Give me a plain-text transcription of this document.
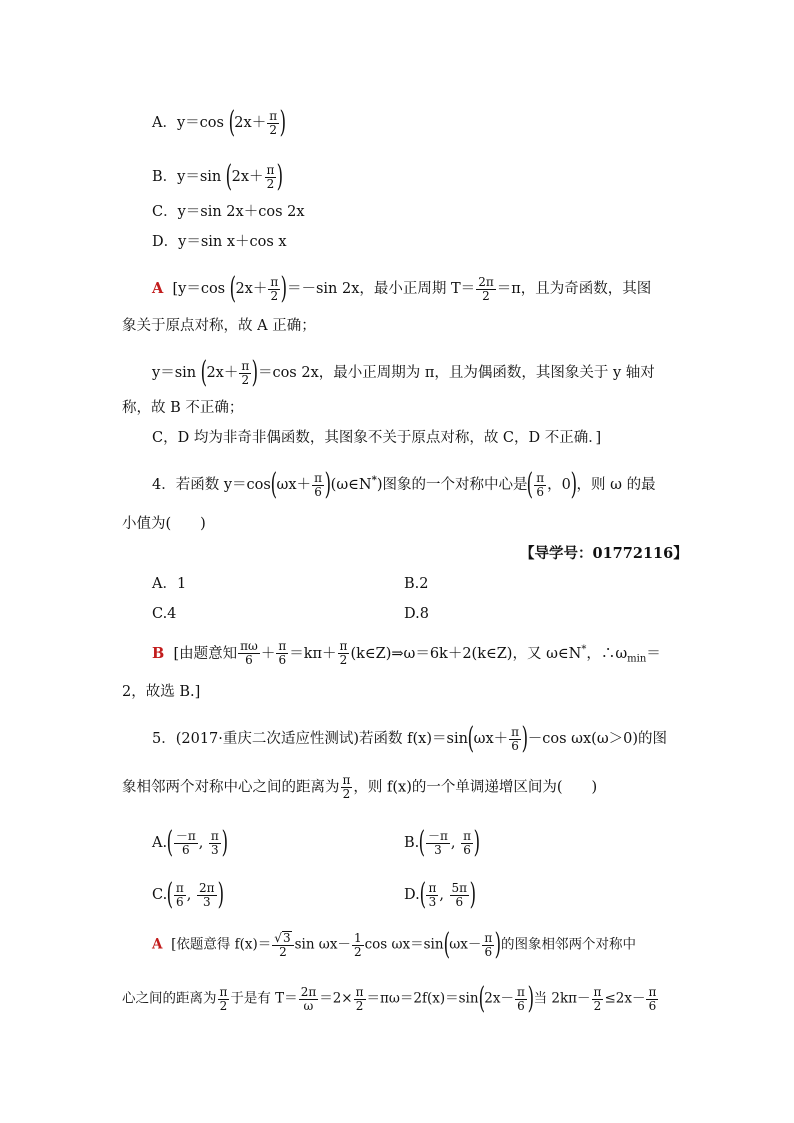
A．y＝cos ($2x+ \frac{\pi}{2}$ )
B．y＝sin ($2x+ \frac{\pi}{2}$ )
C．y＝sin 2x＋cos 2x
D．y＝sin x＋cos x
A [y＝cos $(2x+ \frac{\pi}{2} )=-\sin$ 2x，最小正周期 $T= \frac{2\pi}{2} =\pi$，且为奇函数，其图
象关于原点对称，故 A 正确；
y＝sin $(2x+ \frac{\pi}{2} )=\cos$ 2x，最小正周期为 π，且为偶函数，其图象关于 y 轴对
称，故 B 不正确；
C，D 均为非奇非偶函数，其图象不关于原点对称，故 C，D 不正确．]
4．若函数 $y=\cos(\omega x+ \frac{\pi}{6}$ )(ω∈N*)图象的一个对称中心是( $\frac{\pi}{6}$ ，0)，则 ω 的最
小值为(　　)
【导学号：01772116】
A．1	B.2
C.4	D.8
B [由题意知 $\frac{\pi\omega}{6} + \frac{\pi}{6} =k\pi+ \frac{\pi}{2}$ (k∈Z)⇒ω＝6k＋2(k∈Z)，又 ω∈N*，$\therefore\omega_{min}=$
2，故选 B.]
5．(2017·重庆二次适应性测试)若函数 $f(x)=\sin(\omega x+ \frac{\pi}{6} )-\cos$ ωx(ω＞0)的图
象相邻两个对称中心之间的距离为 $\frac{\pi}{2}$ ，则 f(x)的一个单调递增区间为(　　)
$A.( \frac{-\pi}{6}$ , $\frac{\pi}{3}$ )	$B.( \frac{-\pi}{3}$ , $\frac{\pi}{6}$ )
$C.( \frac{\pi}{6}$ , $\frac{2\pi}{3}$ )	$D.( \frac{\pi}{3}$ , $\frac{5\pi}{6}$ )
A [依题意得 $f(x)= \frac{√3}{2}$ $\sin \omega x- \frac{1}{2}$ $\cos \omega x=\sin(\omega x- \frac{\pi}{6}$ )的图象相邻两个对称中
心之间的距离为 $\frac{\pi}{2}$ 于是有 $T= \frac{2\pi}{\omega} =2\times \frac{\pi}{2} =\pi\omega=2f(x)=\sin(2x- \frac{\pi}{6}$ )当 $2k\pi- \frac{\pi}{2} \le 2x- \frac{\pi}{6}$
